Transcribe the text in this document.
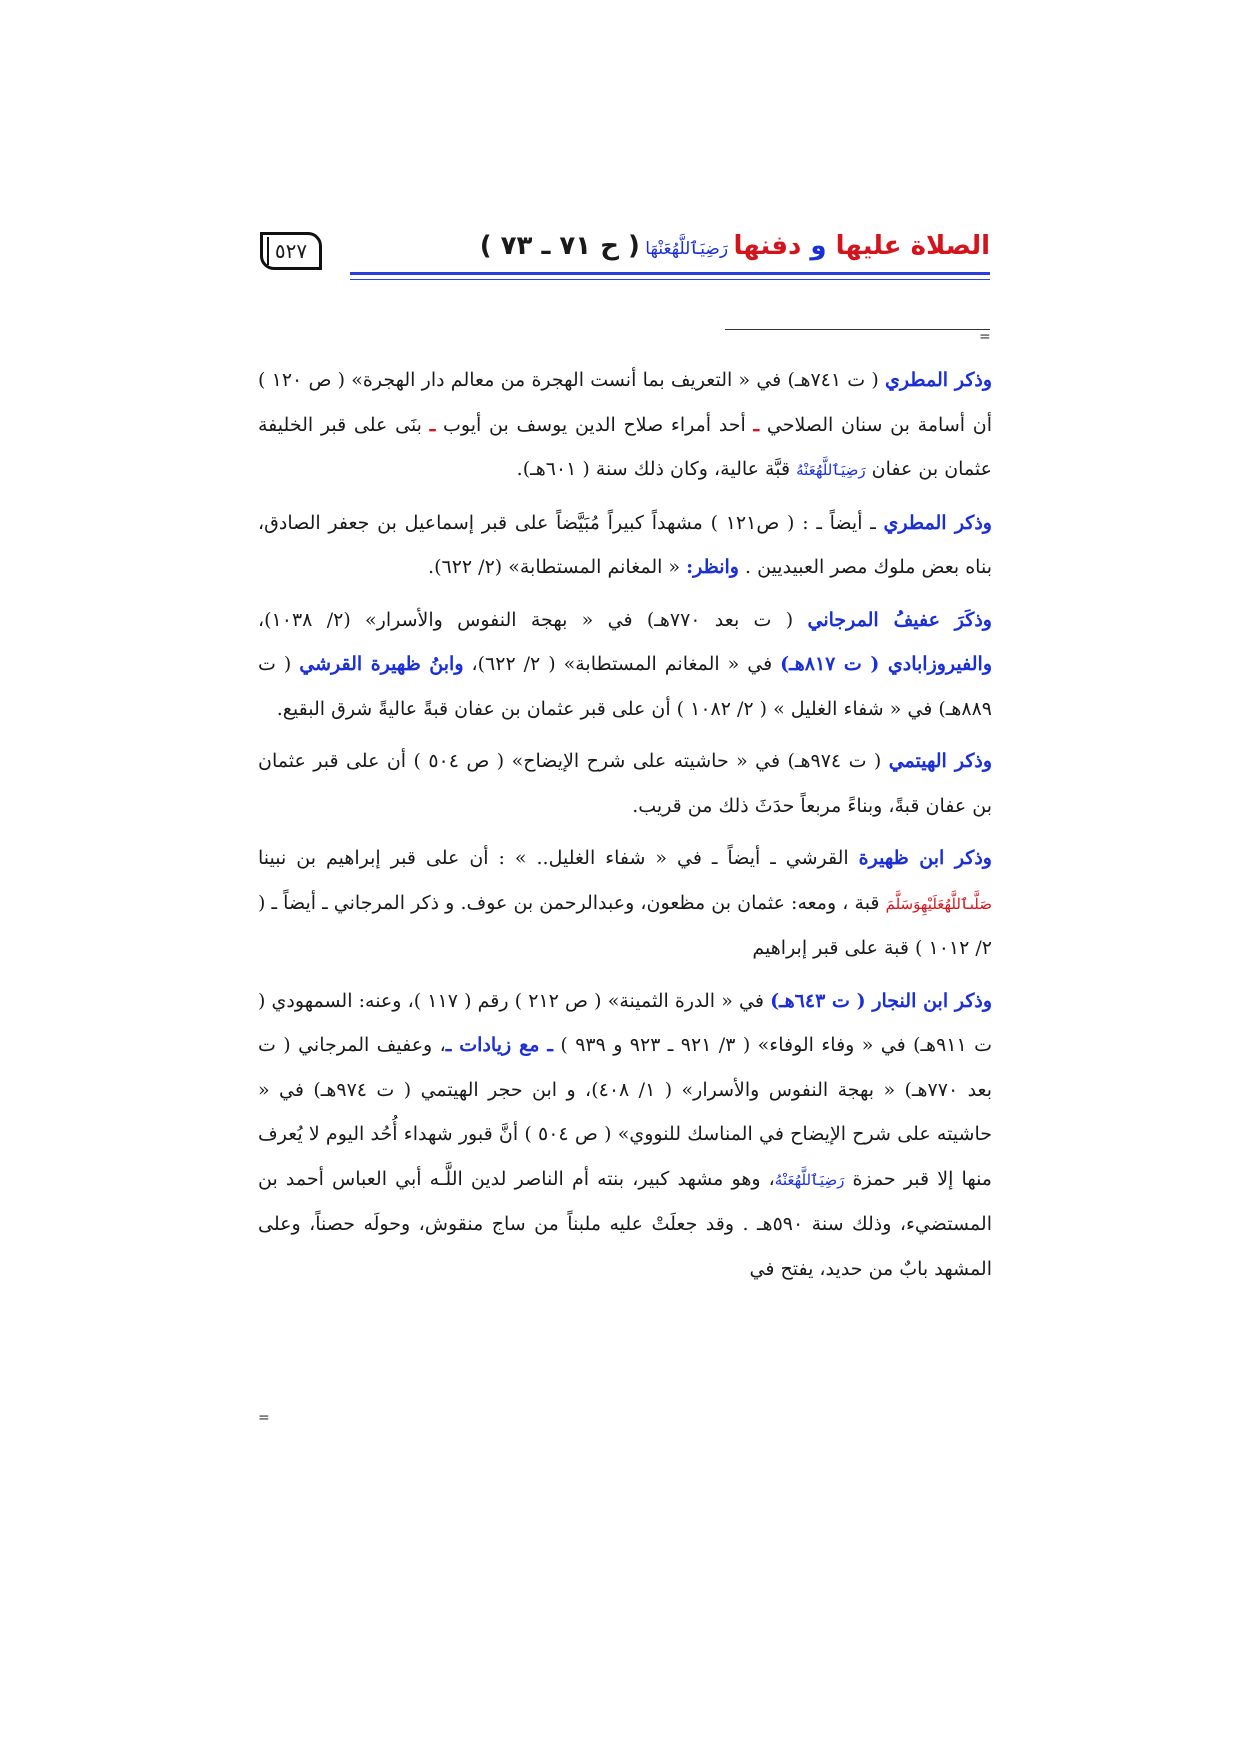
الصلاة عليها و دفنها رَضِيَٱللَّهُعَنْهَا ( ح ٧١ ـ ٧٣ )
٥٢٧
=

وذكر المطري ( ت ٧٤١هـ) في « التعريف بما أنست الهجرة من معالم دار الهجرة» ( ص ١٢٠ ) أن أسامة بن سنان الصلاحي ـ أحد أمراء صلاح الدين يوسف بن أيوب ـ بنَى على قبر الخليفة عثمان بن عفان رَضِيَٱللَّهُعَنْهُ قبَّة عالية، وكان ذلك سنة ( ٦٠١هـ).

وذكر المطري ـ أيضاً ـ : ( ص١٢١ ) مشهداً كبيراً مُبَيَّضاً على قبر إسماعيل بن جعفر الصادق، بناه بعض ملوك مصر العبيديين . وانظر: « المغانم المستطابة» (٢/ ٦٢٢).

وذكَرَ عفيفُ المرجاني ( ت بعد ٧٧٠هـ) في « بهجة النفوس والأسرار» (٢/ ١٠٣٨)، والفيروزابادي ( ت ٨١٧هـ) في « المغانم المستطابة» ( ٢/ ٦٢٢)، وابنُ ظهيرة القرشي ( ت ٨٨٩هـ) في « شفاء الغليل » ( ٢/ ١٠٨٢ ) أن على قبر عثمان بن عفان قبةً عاليةً شرق البقيع.

وذكر الهيتمي ( ت ٩٧٤هـ) في « حاشيته على شرح الإيضاح» ( ص ٥٠٤ ) أن على قبر عثمان بن عفان قبةً، وبناءً مربعاً حدَثَ ذلك من قريب.

وذكر ابن ظهيرة القرشي ـ أيضاً ـ في « شفاء الغليل.. » : أن على قبر إبراهيم بن نبينا صَلَّىٱللَّهُعَلَيْهِوَسَلَّمَ قبة ، ومعه: عثمان بن مظعون، وعبدالرحمن بن عوف. و ذكر المرجاني ـ أيضاً ـ ( ٢/ ١٠١٢ ) قبة على قبر إبراهيم

وذكر ابن النجار ( ت ٦٤٣هـ) في « الدرة الثمينة» ( ص ٢١٢ ) رقم ( ١١٧ )، وعنه: السمهودي ( ت ٩١١هـ) في « وفاء الوفاء» ( ٣/ ٩٢١ ـ ٩٢٣ و ٩٣٩ ) ـ مع زيادات ـ، وعفيف المرجاني ( ت بعد ٧٧٠هـ) « بهجة النفوس والأسرار» ( ١/ ٤٠٨)، و ابن حجر الهيتمي ( ت ٩٧٤هـ) في « حاشيته على شرح الإيضاح في المناسك للنووي» ( ص ٥٠٤ ) أنَّ قبور شهداء أُحُد اليوم لا يُعرف منها إلا قبر حمزة رَضِيَٱللَّهُعَنْهُ، وهو مشهد كبير، بنته أم الناصر لدين اللَّـه أبي العباس أحمد بن المستضيء، وذلك سنة ٥٩٠هـ . وقد جعلَتْ عليه ملبناً من ساج منقوش، وحولَه حصناً، وعلى المشهد بابٌ من حديد، يفتح في

=
